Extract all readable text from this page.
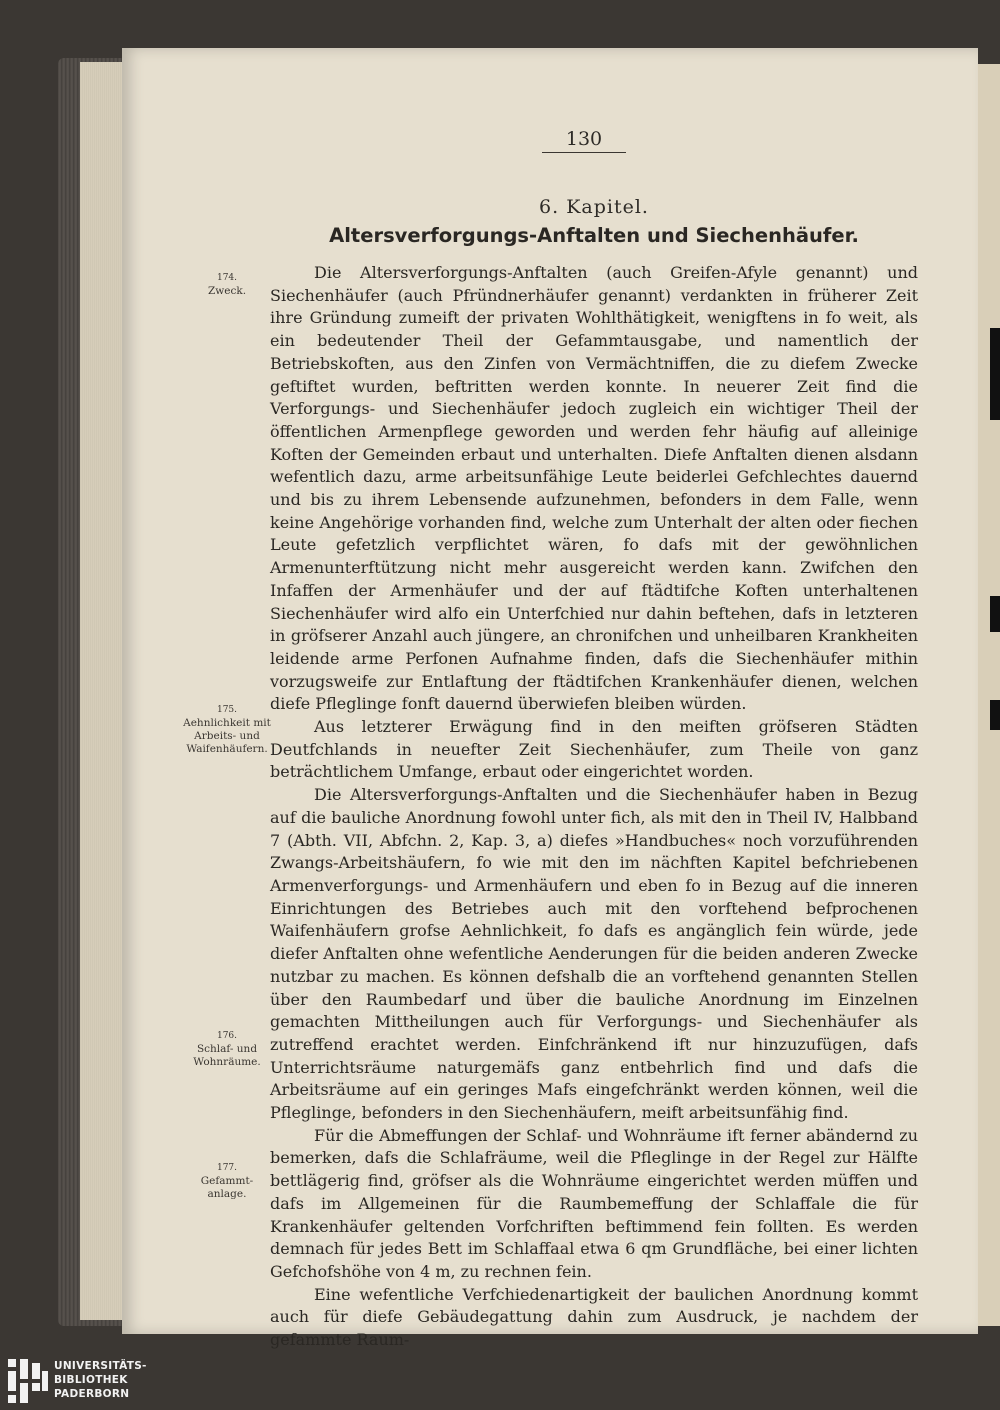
130
6. Kapitel.
Altersverforgungs-Anftalten und Siechenhäufer.
174.
Zweck.
175.
Aehnlichkeit mit Arbeits- und Waifenhäufern.
176.
Schlaf- und Wohnräume.
177.
Gefammt- anlage.

Die Altersverforgungs-Anftalten (auch Greifen-Afyle genannt) und Siechenhäufer (auch Pfründnerhäufer genannt) verdankten in früherer Zeit ihre Gründung zumeift der privaten Wohlthätigkeit, wenigftens in fo weit, als ein bedeutender Theil der Gefammtausgabe, und namentlich der Betriebskoften, aus den Zinfen von Vermächtniffen, die zu diefem Zwecke geftiftet wurden, beftritten werden konnte. In neuerer Zeit find die Verforgungs- und Siechenhäufer jedoch zugleich ein wichtiger Theil der öffentlichen Armenpflege geworden und werden fehr häufig auf alleinige Koften der Gemeinden erbaut und unterhalten. Diefe Anftalten dienen alsdann wefentlich dazu, arme arbeitsunfähige Leute beiderlei Gefchlechtes dauernd und bis zu ihrem Lebensende aufzunehmen, befonders in dem Falle, wenn keine Angehörige vorhanden find, welche zum Unterhalt der alten oder fiechen Leute gefetzlich verpflichtet wären, fo dafs mit der gewöhnlichen Armenunterftützung nicht mehr ausgereicht werden kann. Zwifchen den Infaffen der Armenhäufer und der auf ftädtifche Koften unterhaltenen Siechenhäufer wird alfo ein Unterfchied nur dahin beftehen, dafs in letzteren in gröfserer Anzahl auch jüngere, an chronifchen und unheilbaren Krankheiten leidende arme Perfonen Aufnahme finden, dafs die Siechenhäufer mithin vorzugsweife zur Entlaftung der ftädtifchen Krankenhäufer dienen, welchen diefe Pfleglinge fonft dauernd überwiefen bleiben würden.

Aus letzterer Erwägung find in den meiften gröfseren Städten Deutfchlands in neuefter Zeit Siechenhäufer, zum Theile von ganz beträchtlichem Umfange, erbaut oder eingerichtet worden.

Die Altersverforgungs-Anftalten und die Siechenhäufer haben in Bezug auf die bauliche Anordnung fowohl unter fich, als mit den in Theil IV, Halbband 7 (Abth. VII, Abfchn. 2, Kap. 3, a) diefes »Handbuches« noch vorzuführenden Zwangs-Arbeitshäufern, fo wie mit den im nächften Kapitel befchriebenen Armenverforgungs- und Armenhäufern und eben fo in Bezug auf die inneren Einrichtungen des Betriebes auch mit den vorftehend befprochenen Waifenhäufern grofse Aehnlichkeit, fo dafs es angänglich fein würde, jede diefer Anftalten ohne wefentliche Aenderungen für die beiden anderen Zwecke nutzbar zu machen. Es können defshalb die an vorftehend genannten Stellen über den Raumbedarf und über die bauliche Anordnung im Einzelnen gemachten Mittheilungen auch für Verforgungs- und Siechenhäufer als zutreffend erachtet werden. Einfchränkend ift nur hinzuzufügen, dafs Unterrichtsräume naturgemäfs ganz entbehrlich find und dafs die Arbeitsräume auf ein geringes Mafs eingefchränkt werden können, weil die Pfleglinge, befonders in den Siechenhäufern, meift arbeitsunfähig find.

Für die Abmeffungen der Schlaf- und Wohnräume ift ferner abändernd zu bemerken, dafs die Schlafräume, weil die Pfleglinge in der Regel zur Hälfte bettlägerig find, gröfser als die Wohnräume eingerichtet werden müffen und dafs im Allgemeinen für die Raumbemeffung der Schlaffale die für Krankenhäufer geltenden Vorfchriften beftimmend fein follten. Es werden demnach für jedes Bett im Schlaffaal etwa 6 qm Grundfläche, bei einer lichten Gefchofshöhe von 4 m, zu rechnen fein.

Eine wefentliche Verfchiedenartigkeit der baulichen Anordnung kommt auch für diefe Gebäudegattung dahin zum Ausdruck, je nachdem der gefammte Raum-

UNIVERSITÄTS-
BIBLIOTHEK
PADERBORN
